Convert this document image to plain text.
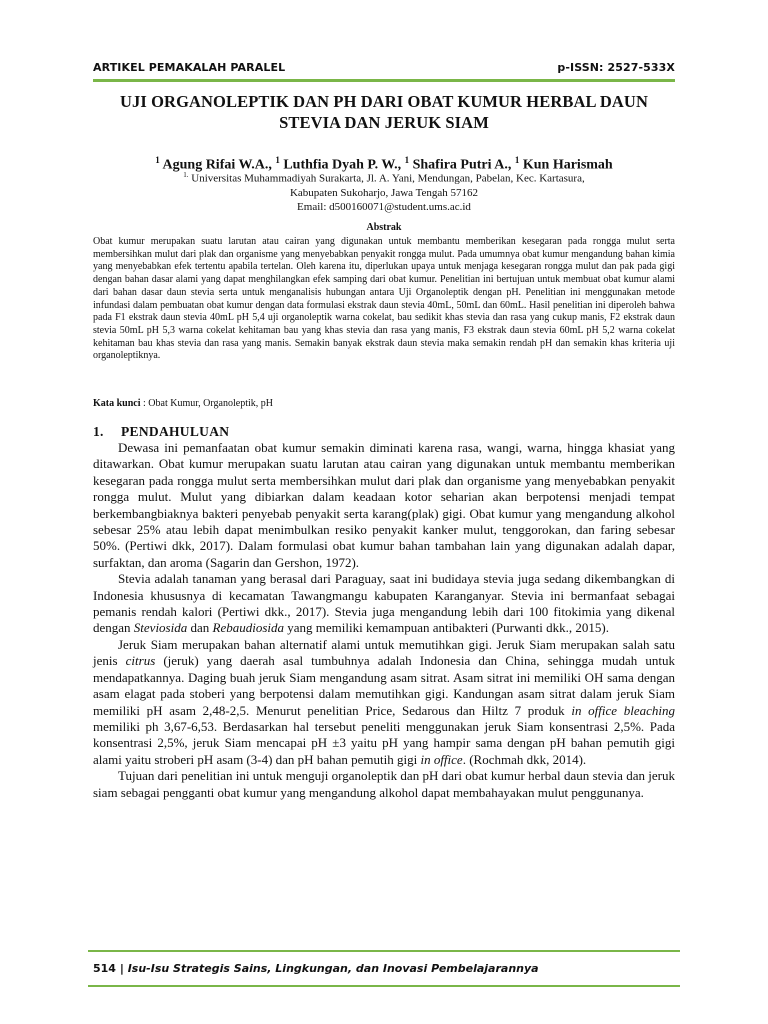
ARTIKEL PEMAKALAH PARALEL	p-ISSN: 2527-533X
UJI ORGANOLEPTIK DAN PH DARI OBAT KUMUR HERBAL DAUN
STEVIA DAN JERUK SIAM
$^1$ Agung Rifai W.A., $^1$ Luthfia Dyah P. W., $^1$ Shafira Putri A., $^1$ Kun Harismah
$^{1.}$ Universitas Muhammadiyah Surakarta, Jl. A. Yani, Mendungan, Pabelan, Kec. Kartasura,
Kabupaten Sukoharjo, Jawa Tengah 57162
Email: d500160071@student.ums.ac.id
Abstrak

Obat kumur merupakan suatu larutan atau cairan yang digunakan untuk membantu memberikan kesegaran pada rongga mulut serta membersihkan mulut dari plak dan organisme yang menyebabkan penyakit rongga mulut. Pada umumnya obat kumur mengandung bahan kimia yang menyebabkan efek tertentu apabila tertelan. Oleh karena itu, diperlukan upaya untuk menjaga kesegaran rongga mulut dan pak pada gigi dengan bahan dasar alami yang dapat menghilangkan efek samping dari obat kumur. Penelitian ini bertujuan untuk membuat obat kumur alami dari bahan dasar daun stevia serta untuk menganalisis hubungan antara Uji Organoleptik dengan pH. Penelitian ini menggunakan metode infundasi dalam pembuatan obat kumur dengan data formulasi ekstrak daun stevia 40mL, 50mL dan 60mL. Hasil penelitian ini diperoleh bahwa pada F1 ekstrak daun stevia 40mL pH 5,4 uji organoleptik warna cokelat, bau sedikit khas stevia dan rasa yang cukup manis, F2 ekstrak daun stevia 50mL pH 5,3 warna cokelat kehitaman bau yang khas stevia dan rasa yang manis, F3 ekstrak daun stevia 60mL pH 5,2 warna cokelat kehitaman bau khas stevia dan rasa yang manis. Semakin banyak ekstrak daun stevia maka semakin rendah pH dan semakin khas kriteria uji organoleptiknya.

Kata kunci : Obat Kumur, Organoleptik, pH
1. PENDAHULUAN

Dewasa ini pemanfaatan obat kumur semakin diminati karena rasa, wangi, warna, hingga khasiat yang ditawarkan. Obat kumur merupakan suatu larutan atau cairan yang digunakan untuk membantu memberikan kesegaran pada rongga mulut serta membersihkan mulut dari plak dan organisme yang menyebabkan penyakit rongga mulut. Mulut yang dibiarkan dalam keadaan kotor seharian akan berpotensi menjadi tempat berkembangbiaknya bakteri penyebab penyakit serta karang(plak) gigi. Obat kumur yang mengandung alkohol sebesar 25% atau lebih dapat menimbulkan resiko penyakit kanker mulut, tenggorokan, dan faring sebesar 50%. (Pertiwi dkk, 2017). Dalam formulasi obat kumur bahan tambahan lain yang digunakan adalah dapar, surfaktan, dan aroma (Sagarin dan Gershon, 1972).

Stevia adalah tanaman yang berasal dari Paraguay, saat ini budidaya stevia juga sedang dikembangkan di Indonesia khususnya di kecamatan Tawangmangu kabupaten Karanganyar. Stevia ini bermanfaat sebagai pemanis rendah kalori (Pertiwi dkk., 2017). Stevia juga mengandung lebih dari 100 fitokimia yang dikenal dengan Steviosida dan Rebaudiosida yang memiliki kemampuan antibakteri (Purwanti dkk., 2015).

Jeruk Siam merupakan bahan alternatif alami untuk memutihkan gigi. Jeruk Siam merupakan salah satu jenis citrus (jeruk) yang daerah asal tumbuhnya adalah Indonesia dan China, sehingga mudah untuk mendapatkannya. Daging buah jeruk Siam mengandung asam sitrat. Asam sitrat ini memiliki OH sama dengan asam elagat pada stoberi yang berpotensi dalam memutihkan gigi. Kandungan asam sitrat dalam jeruk Siam memiliki pH asam 2,48-2,5. Menurut penelitian Price, Sedarous dan Hiltz 7 produk in office bleaching memiliki ph 3,67-6,53. Berdasarkan hal tersebut peneliti menggunakan jeruk Siam konsentrasi 2,5%. Pada konsentrasi 2,5%, jeruk Siam mencapai pH ±3 yaitu pH yang hampir sama dengan pH bahan pemutih gigi alami yaitu stroberi pH asam (3-4) dan pH bahan pemutih gigi in office. (Rochmah dkk, 2014).

Tujuan dari penelitian ini untuk menguji organoleptik dan pH dari obat kumur herbal daun stevia dan jeruk siam sebagai pengganti obat kumur yang mengandung alkohol dapat membahayakan mulut penggunanya.

514 | Isu-Isu Strategis Sains, Lingkungan, dan Inovasi Pembelajarannya
